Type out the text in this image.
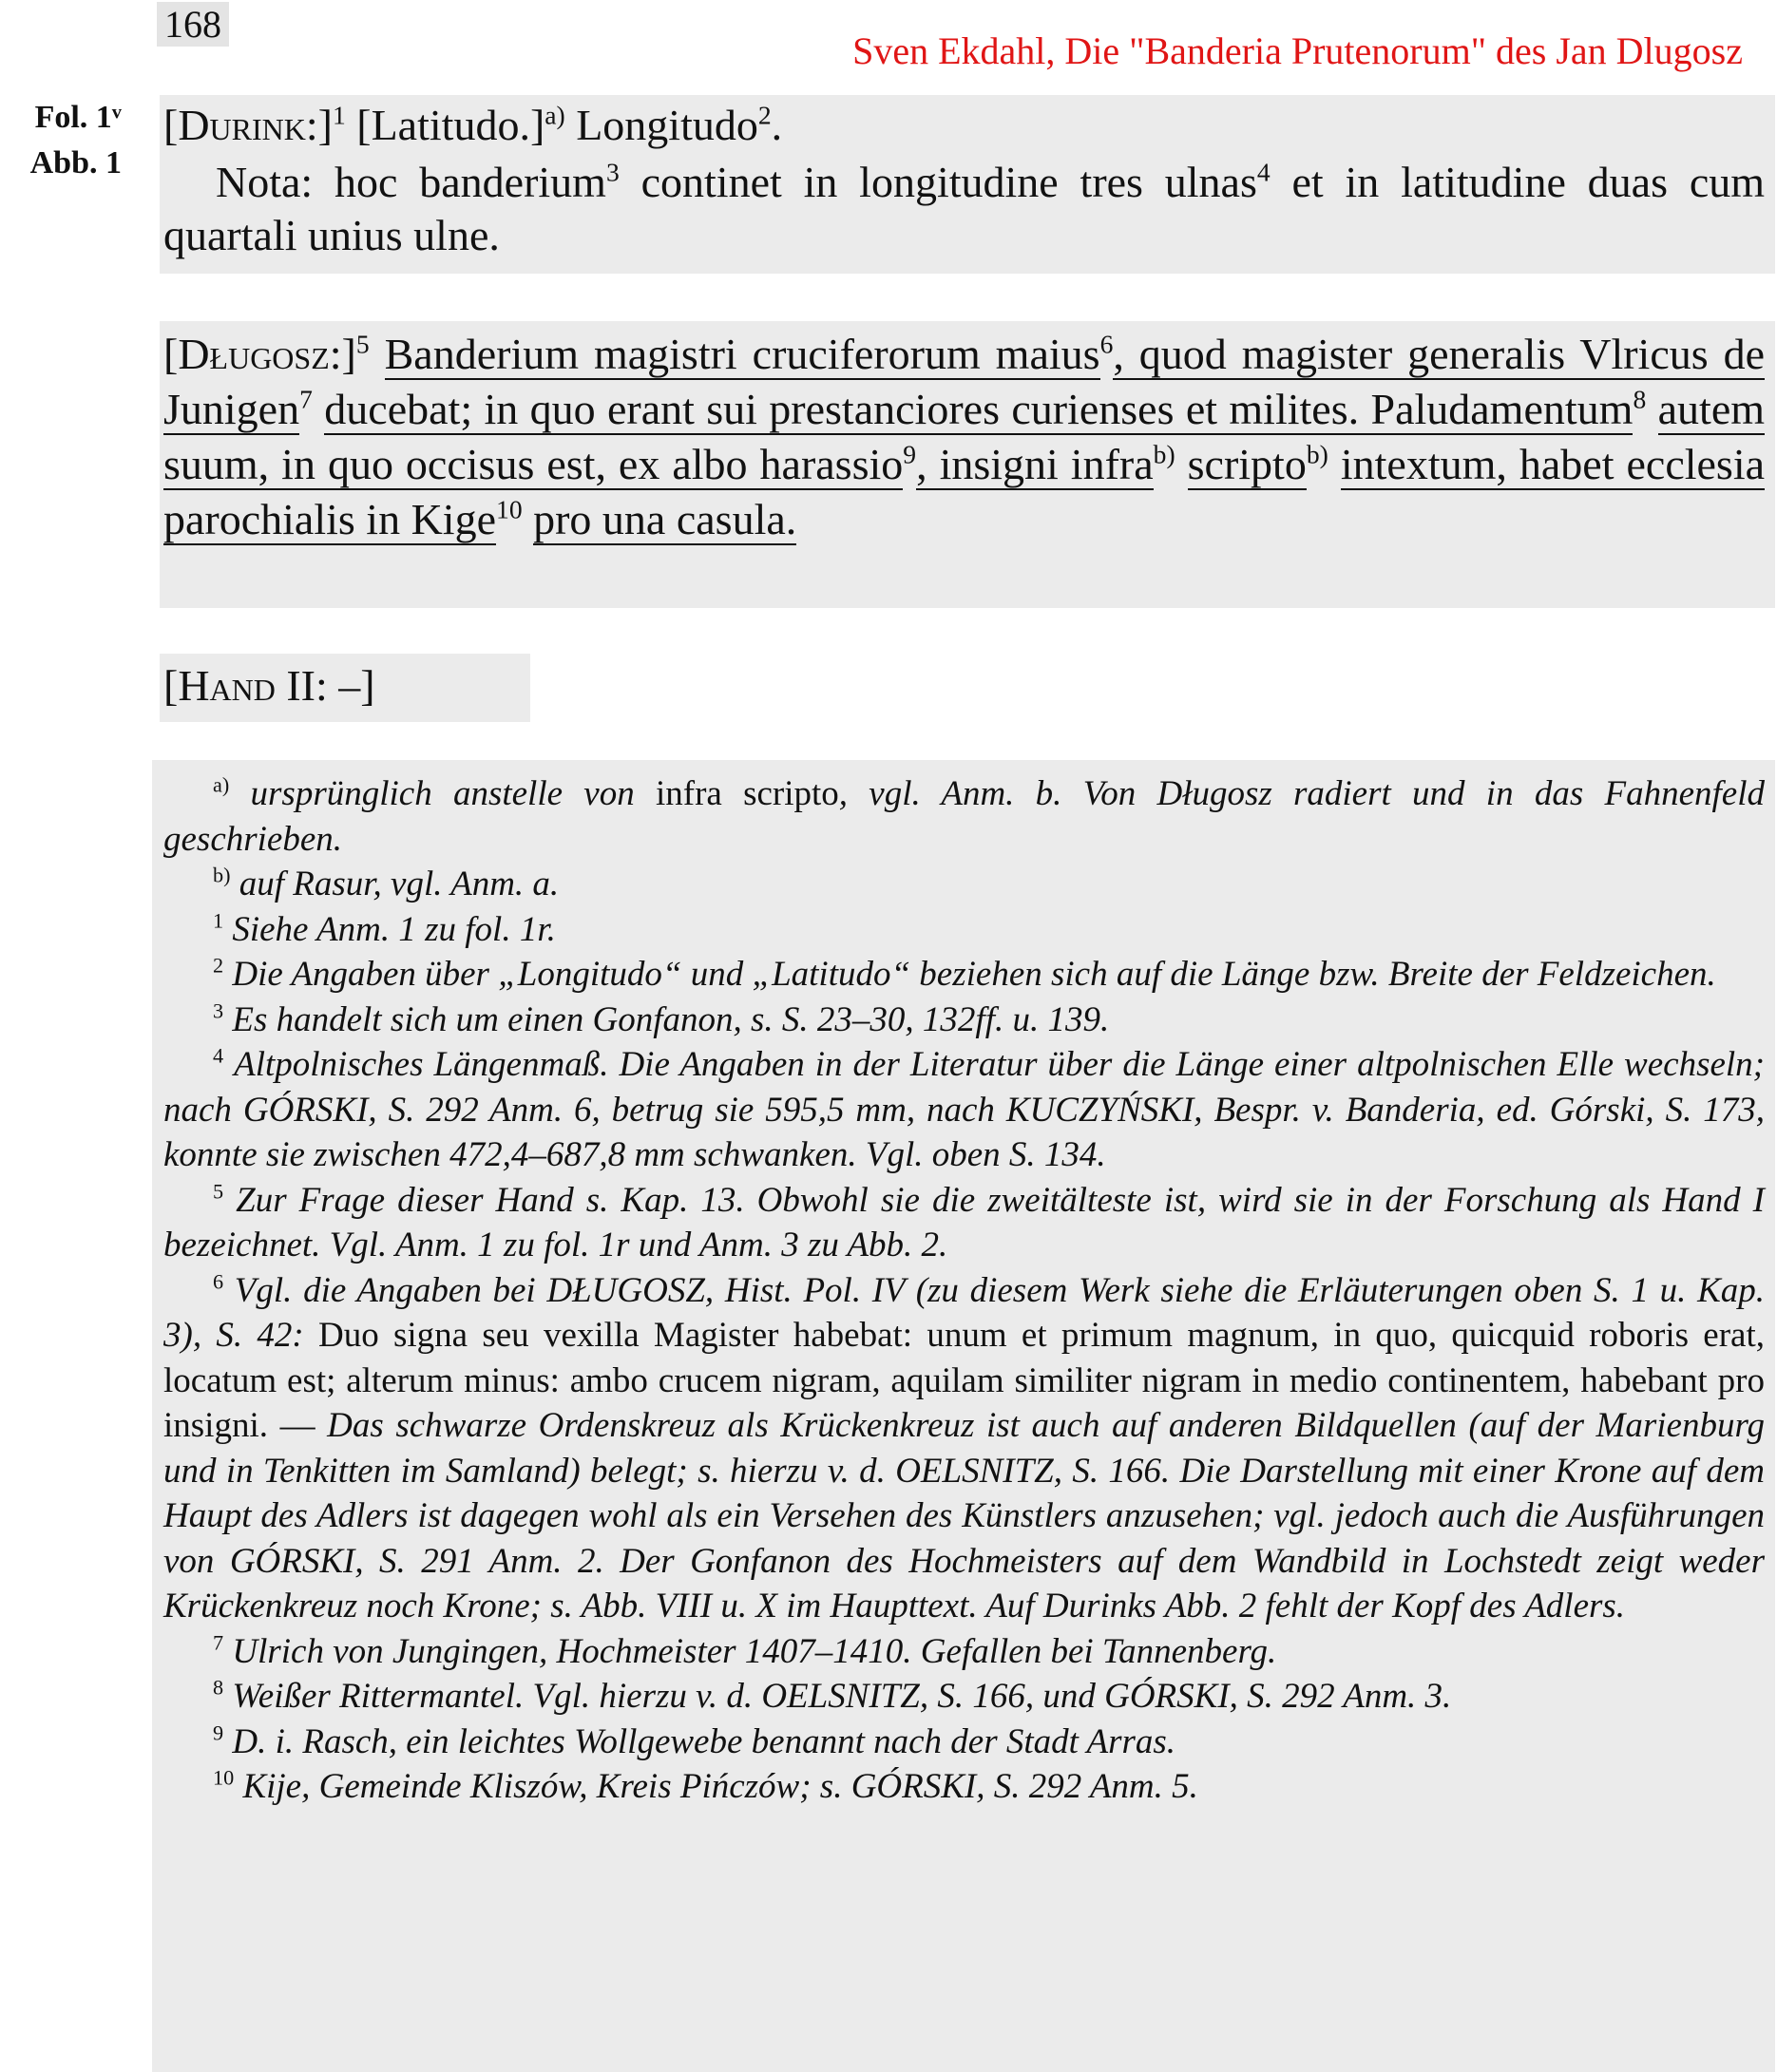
168
Sven Ekdahl, Die "Banderia Prutenorum" des Jan Dlugosz
Fol. 1ᵛ
Abb. 1
[Durink:]$^1$ [Latitudo.]$^{a)}$ Longitudo$^2$.
Nota: hoc banderium$^3$ continet in longitudine tres ulnas$^4$ et in latitudine duas cum quartali unius ulne.
[Długosz:]$^5$ Banderium magistri cruciferorum maius$^6$, quod magister generalis Vlricus de Junigen$^7$ ducebat; in quo erant sui prestanciores curienses et milites. Paludamentum$^8$ autem suum, in quo occisus est, ex albo harassio$^9$, insigni infra$^{b)}$ scripto$^{b)}$ intextum, habet ecclesia parochialis in Kige$^{10}$ pro una casula.
[Hand II: –]

$^{a)}$ ursprünglich anstelle von infra scripto, vgl. Anm. b. Von Długosz radiert und in das Fahnenfeld geschrieben.

$^{b)}$ auf Rasur, vgl. Anm. a.

$^1$ Siehe Anm. 1 zu fol. 1r.

$^2$ Die Angaben über „Longitudo“ und „Latitudo“ beziehen sich auf die Länge bzw. Breite der Feldzeichen.

$^3$ Es handelt sich um einen Gonfanon, s. S. 23–30, 132ff. u. 139.

$^4$ Altpolnisches Längenmaß. Die Angaben in der Literatur über die Länge einer altpolnischen Elle wechseln; nach GÓRSKI, S. 292 Anm. 6, betrug sie 595,5 mm, nach KUCZYŃSKI, Bespr. v. Banderia, ed. Górski, S. 173, konnte sie zwischen 472,4–687,8 mm schwanken. Vgl. oben S. 134.

$^5$ Zur Frage dieser Hand s. Kap. 13. Obwohl sie die zweitälteste ist, wird sie in der Forschung als Hand I bezeichnet. Vgl. Anm. 1 zu fol. 1r und Anm. 3 zu Abb. 2.

$^6$ Vgl. die Angaben bei DŁUGOSZ, Hist. Pol. IV (zu diesem Werk siehe die Erläuterungen oben S. 1 u. Kap. 3), S. 42: Duo signa seu vexilla Magister habebat: unum et primum magnum, in quo, quicquid roboris erat, locatum est; alterum minus: ambo crucem nigram, aquilam similiter nigram in medio continentem, habebant pro insigni. — Das schwarze Ordenskreuz als Krückenkreuz ist auch auf anderen Bildquellen (auf der Marienburg und in Tenkitten im Samland) belegt; s. hierzu v. d. OELSNITZ, S. 166. Die Darstellung mit einer Krone auf dem Haupt des Adlers ist dagegen wohl als ein Versehen des Künstlers anzusehen; vgl. jedoch auch die Ausführungen von GÓRSKI, S. 291 Anm. 2. Der Gonfanon des Hochmeisters auf dem Wandbild in Lochstedt zeigt weder Krückenkreuz noch Krone; s. Abb. VIII u. X im Haupttext. Auf Durinks Abb. 2 fehlt der Kopf des Adlers.

$^7$ Ulrich von Jungingen, Hochmeister 1407–1410. Gefallen bei Tannenberg.

$^8$ Weißer Rittermantel. Vgl. hierzu v. d. OELSNITZ, S. 166, und GÓRSKI, S. 292 Anm. 3.

$^9$ D. i. Rasch, ein leichtes Wollgewebe benannt nach der Stadt Arras.

$^{10}$ Kije, Gemeinde Kliszów, Kreis Pińczów; s. GÓRSKI, S. 292 Anm. 5.
